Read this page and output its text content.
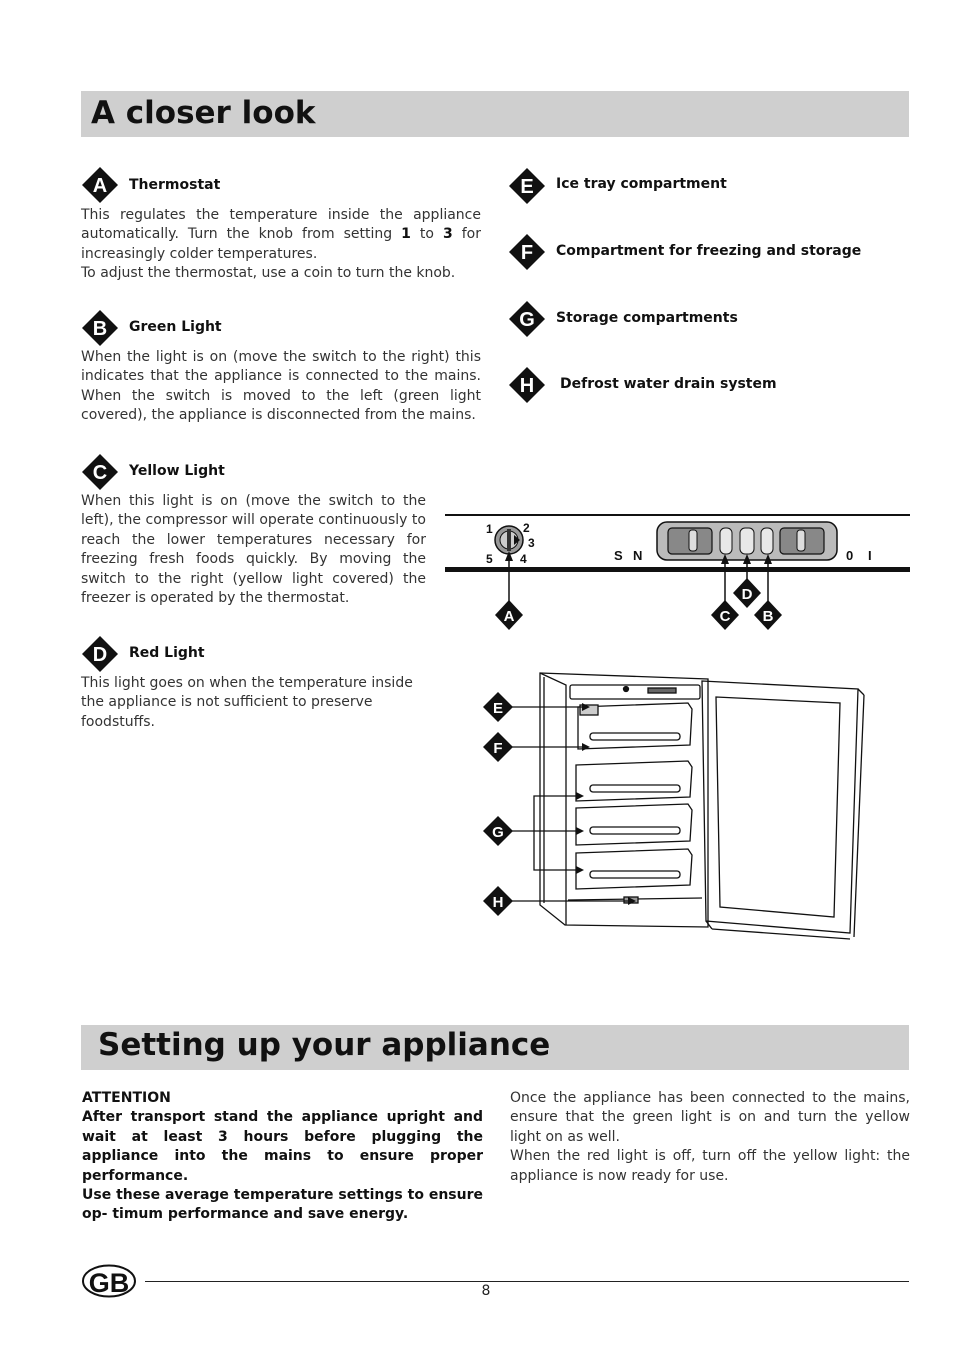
A closer look
A Thermostat
This regulates the temperature inside the appliance automatically. Turn the knob from setting 1 to 3 for increasingly colder temperatures.
To adjust the thermostat, use a coin to turn the knob.
B Green Light
When the light is on (move the switch to the right) this indicates that the appliance is connected to the mains. When the switch is moved to the left (green light covered), the appliance is disconnected from the mains.
C Yellow Light
When this light is on (move the switch to the left), the compressor will operate continuously to reach the lower temperatures necessary for freezing fresh foods quickly. By moving the switch to the right (yellow light covered) the freezer is operated by the thermostat.
D Red Light
This light goes on when the temperature inside the appliance is not sufficient to preserve foodstuffs.
E Ice tray compartment
F Compartment for freezing and storage
G Storage compartments
H Defrost water drain system
1	2
3
4
5	S N	0 I
A	C
D
B
E
F
G
H
Setting up your appliance
ATTENTION
After transport stand the appliance upright and wait at least 3 hours before plugging the appliance into the mains to ensure proper performance.
Use these average temperature settings to ensure op- timum performance and save energy.
Once the appliance has been connected to the mains, ensure that the green light is on and turn the yellow light on as well.
When the red light is off, turn off the yellow light: the appliance is now ready for use.
GB	8
